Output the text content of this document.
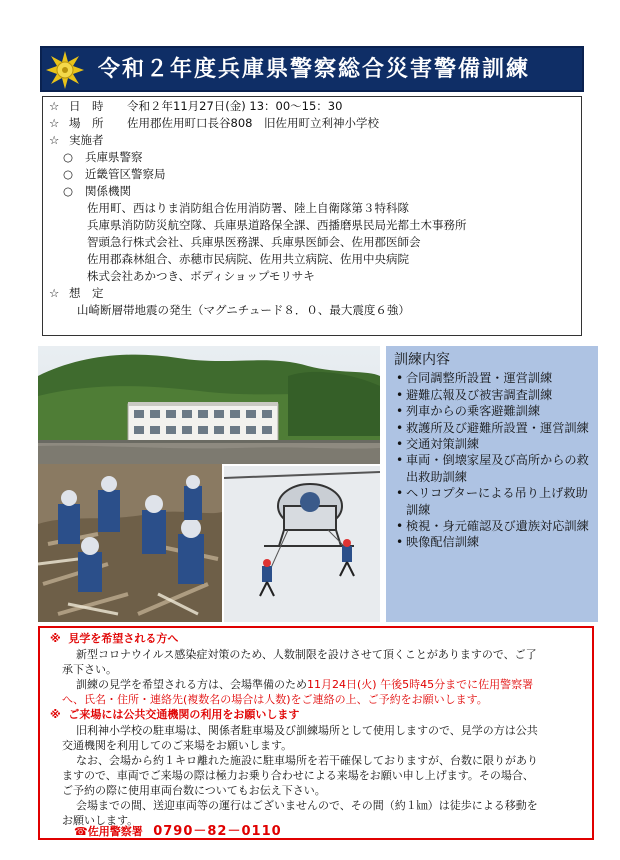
令和２年度兵庫県警察総合災害警備訓練
☆ 日　時 令和２年11月27日(金) 13：00～15：30
☆ 場　所 佐用郡佐用町口長谷808　旧佐用町立利神小学校
☆ 実施者
○ 兵庫県警察
○ 近畿管区警察局
○ 関係機関
佐用町、西はりま消防組合佐用消防署、陸上自衛隊第３特科隊
兵庫県消防防災航空隊、兵庫県道路保全課、西播磨県民局光都土木事務所
智頭急行株式会社、兵庫県医務課、兵庫県医師会、佐用郡医師会
佐用郡森林組合、赤穂市民病院、佐用共立病院、佐用中央病院
株式会社あかつき、ボディショップモリサキ
☆ 想　定
山崎断層帯地震の発生（マグニチュード８．０、最大震度６強）
訓練内容
• 合同調整所設置・運営訓練
• 避難広報及び被害調査訓練
• 列車からの乗客避難訓練
• 救護所及び避難所設置・運営訓練
• 交通対策訓練
• 車両・倒壊家屋及び高所からの救出救助訓練
• ヘリコプターによる吊り上げ救助訓練
• 検視・身元確認及び遺族対応訓練
• 映像配信訓練
※ 見学を希望される方へ
新型コロナウイルス感染症対策のため、人数制限を設けさせて頂くことがありますので、ご了
承下さい。
訓練の見学を希望される方は、会場準備のため11月24日(火) 午後5時45分までに佐用警察署
へ、氏名・住所・連絡先(複数名の場合は人数)をご連絡の上、ご予約をお願いします。
※ ご来場には公共交通機関の利用をお願いします
旧利神小学校の駐車場は、関係者駐車場及び訓練場所として使用しますので、見学の方は公共
交通機関を利用してのご来場をお願いします。
なお、会場から約１キロ離れた施設に駐車場所を若干確保しておりますが、台数に限りがあり
ますので、車両でご来場の際は極力お乗り合わせによる来場をお願い申し上げます。その場合、
ご予約の際に使用車両台数についてもお伝え下さい。
会場までの間、送迎車両等の運行はございませんので、その間（約１㎞）は徒歩による移動を
お願いします。
☎佐用警察署 0790－82－0110
